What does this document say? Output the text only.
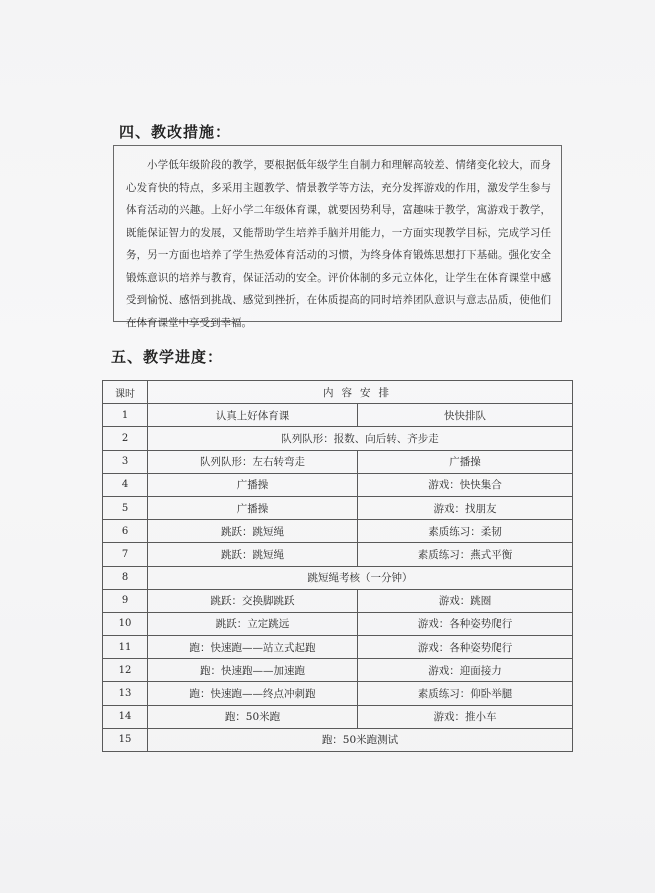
四、教改措施：

小学低年级阶段的教学，要根据低年级学生自制力和理解高较差、情绪变化较大，而身心发育快的特点，多采用主题教学、情景教学等方法，充分发挥游戏的作用，激发学生参与体育活动的兴趣。上好小学二年级体育课，就要因势利导，富趣味于教学，寓游戏于教学，既能保证智力的发展，又能帮助学生培养手脑并用能力，一方面实现教学目标，完成学习任务，另一方面也培养了学生热爱体育活动的习惯，为终身体育锻炼思想打下基础。强化安全锻炼意识的培养与教育，保证活动的安全。评价体制的多元立体化，让学生在体育课堂中感受到愉悦、感悟到挑战、感觉到挫折，在体质提高的同时培养团队意识与意志品质，使他们在体育课堂中享受到幸福。

五、教学进度：
课时	内容安排	
1	认真上好体育课	快快排队
2	队列队形：报数、向后转、齐步走	
3	队列队形：左右转弯走	广播操
4	广播操	游戏：快快集合
5	广播操	游戏：找朋友
6	跳跃：跳短绳	素质练习：柔韧
7	跳跃：跳短绳	素质练习：燕式平衡
8	跳短绳考核（一分钟）	
9	跳跃：交换脚跳跃	游戏：跳圈
10	跳跃：立定跳远	游戏：各种姿势爬行
11	跑：快速跑——站立式起跑	游戏：各种姿势爬行
12	跑：快速跑——加速跑	游戏：迎面接力
13	跑：快速跑——终点冲刺跑	素质练习：仰卧举腿
14	跑：50米跑	游戏：推小车
15	跑：50米跑测试	
